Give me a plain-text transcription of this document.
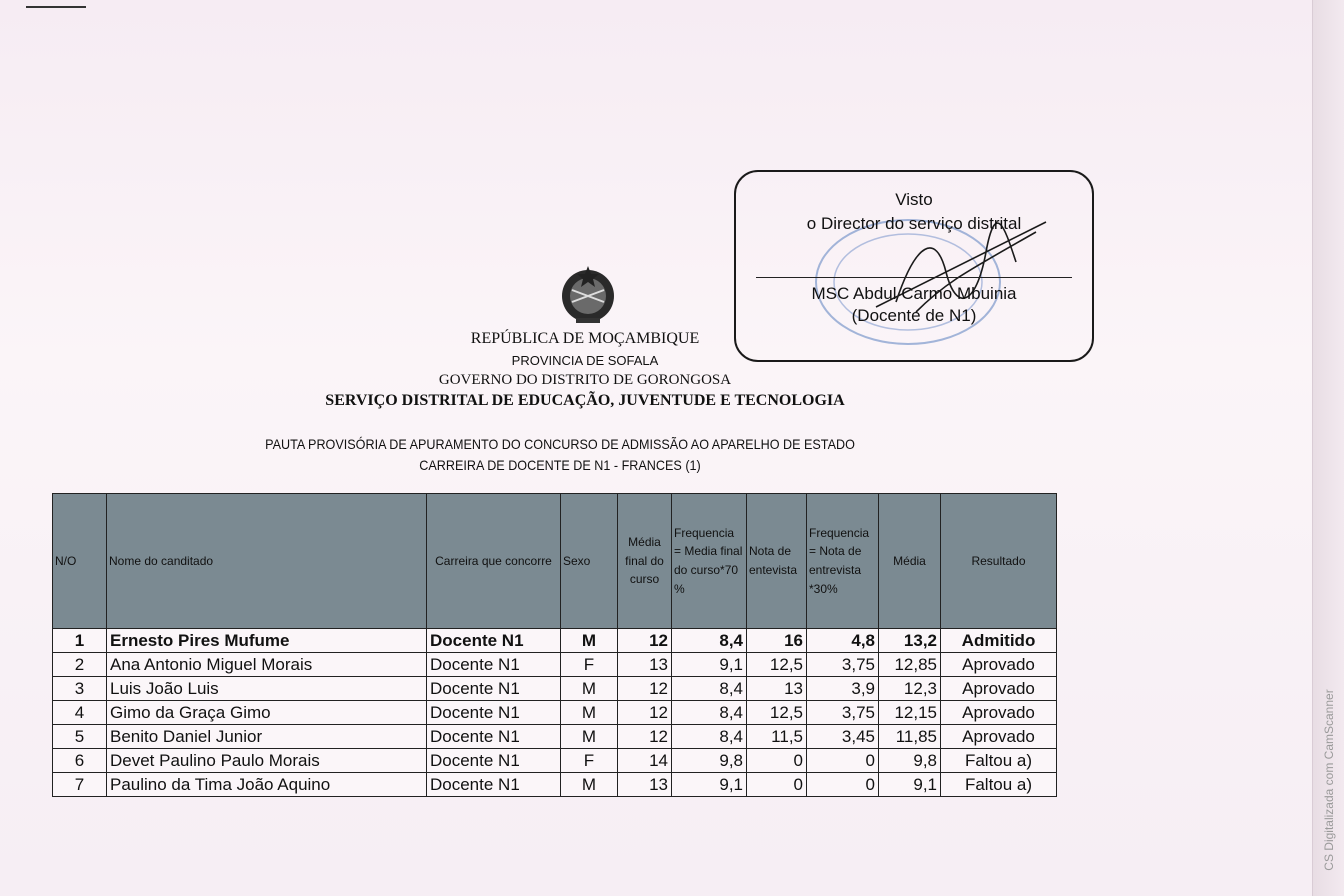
Visto
o Director do serviço distrital
MSC Abdul Carmo Mbuinia
(Docente de N1)
REPÚBLICA DE MOÇAMBIQUE
PROVINCIA DE SOFALA
GOVERNO DO DISTRITO DE GORONGOSA
SERVIÇO DISTRITAL DE EDUCAÇÃO, JUVENTUDE E TECNOLOGIA
PAUTA PROVISÓRIA DE APURAMENTO DO CONCURSO DE ADMISSÃO AO APARELHO DE ESTADO
CARREIRA DE DOCENTE DE N1 - FRANCES (1)
N/O	Nome do canditado	Carreira que concorre	Sexo	Média final do curso	Frequencia = Media final do curso*70 %	Nota de entevista	Frequencia = Nota de entrevista *30%	Média	Resultado
1	Ernesto Pires Mufume	Docente N1	M	12	8,4	16	4,8	13,2	Admitido
2	Ana Antonio Miguel Morais	Docente N1	F	13	9,1	12,5	3,75	12,85	Aprovado
3	Luis João Luis	Docente N1	M	12	8,4	13	3,9	12,3	Aprovado
4	Gimo da Graça Gimo	Docente N1	M	12	8,4	12,5	3,75	12,15	Aprovado
5	Benito Daniel Junior	Docente N1	M	12	8,4	11,5	3,45	11,85	Aprovado
6	Devet Paulino Paulo Morais	Docente N1	F	14	9,8	0	0	9,8	Faltou a)
7	Paulino da Tima João Aquino	Docente N1	M	13	9,1	0	0	9,1	Faltou a)	CS Digitalizada com CamScanner
